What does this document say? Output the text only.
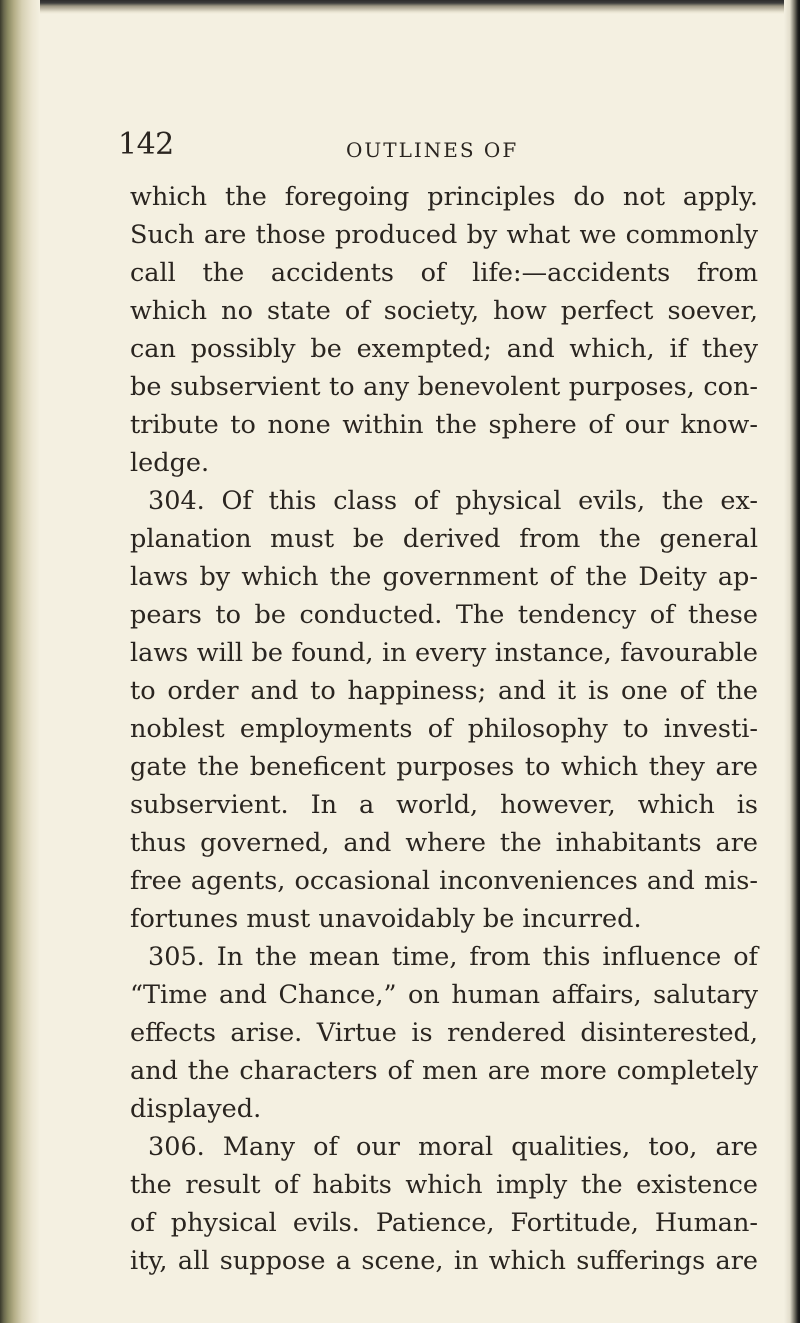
142	OUTLINES OF
which the foregoing principles do not apply.
Such are those produced by what we commonly
call the accidents of life:—accidents from
which no state of society, how perfect soever,
can possibly be exempted; and which, if they
be subservient to any benevolent purposes, con-
tribute to none within the sphere of our know-
ledge.
304. Of this class of physical evils, the ex-
planation must be derived from the general
laws by which the government of the Deity ap-
pears to be conducted. The tendency of these
laws will be found, in every instance, favourable
to order and to happiness; and it is one of the
noblest employments of philosophy to investi-
gate the beneficent purposes to which they are
subservient. In a world, however, which is
thus governed, and where the inhabitants are
free agents, occasional inconveniences and mis-
fortunes must unavoidably be incurred.
305. In the mean time, from this influence of
“Time and Chance,” on human affairs, salutary
effects arise. Virtue is rendered disinterested,
and the characters of men are more completely
displayed.
306. Many of our moral qualities, too, are
the result of habits which imply the existence
of physical evils. Patience, Fortitude, Human-
ity, all suppose a scene, in which sufferings are
